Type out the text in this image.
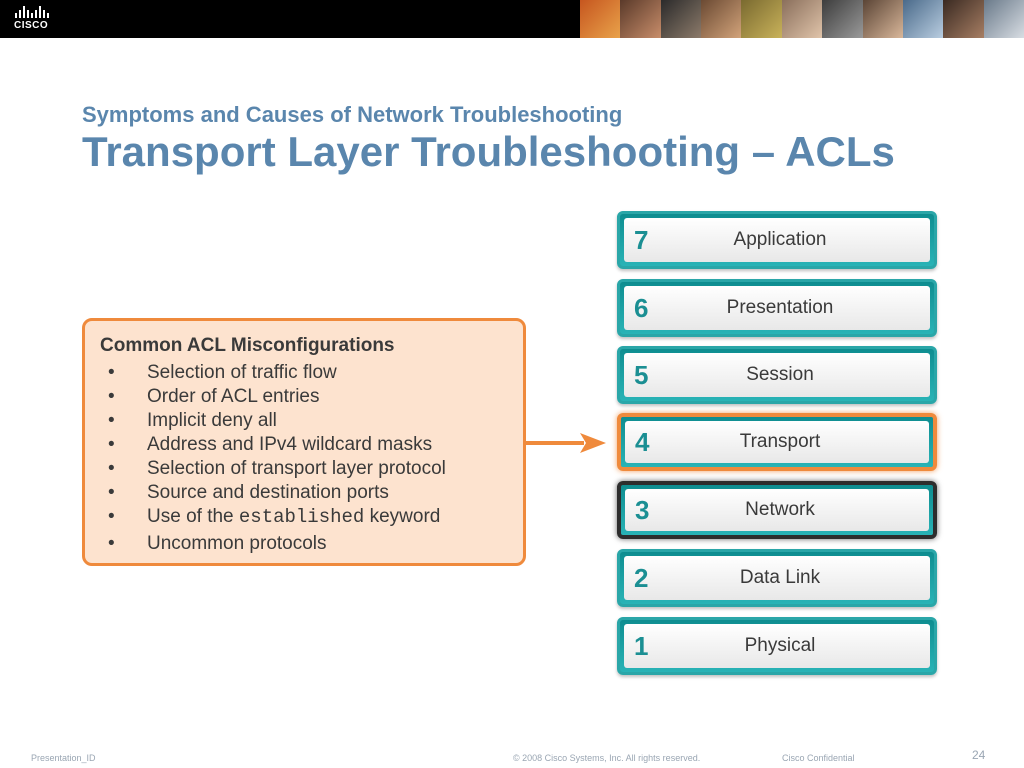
CISCO
Symptoms and Causes of Network Troubleshooting
Transport Layer Troubleshooting – ACLs
Common ACL Misconfigurations
• Selection of traffic flow
• Order of ACL entries
• Implicit deny all
• Address and IPv4 wildcard masks
• Selection of transport layer protocol
• Source and destination ports
• Use of the established keyword
• Uncommon protocols
7	Application
6	Presentation
5	Session
4	Transport
3	Network
2	Data Link
1	Physical
Presentation_ID	© 2008 Cisco Systems, Inc. All rights reserved.	Cisco Confidential	24
